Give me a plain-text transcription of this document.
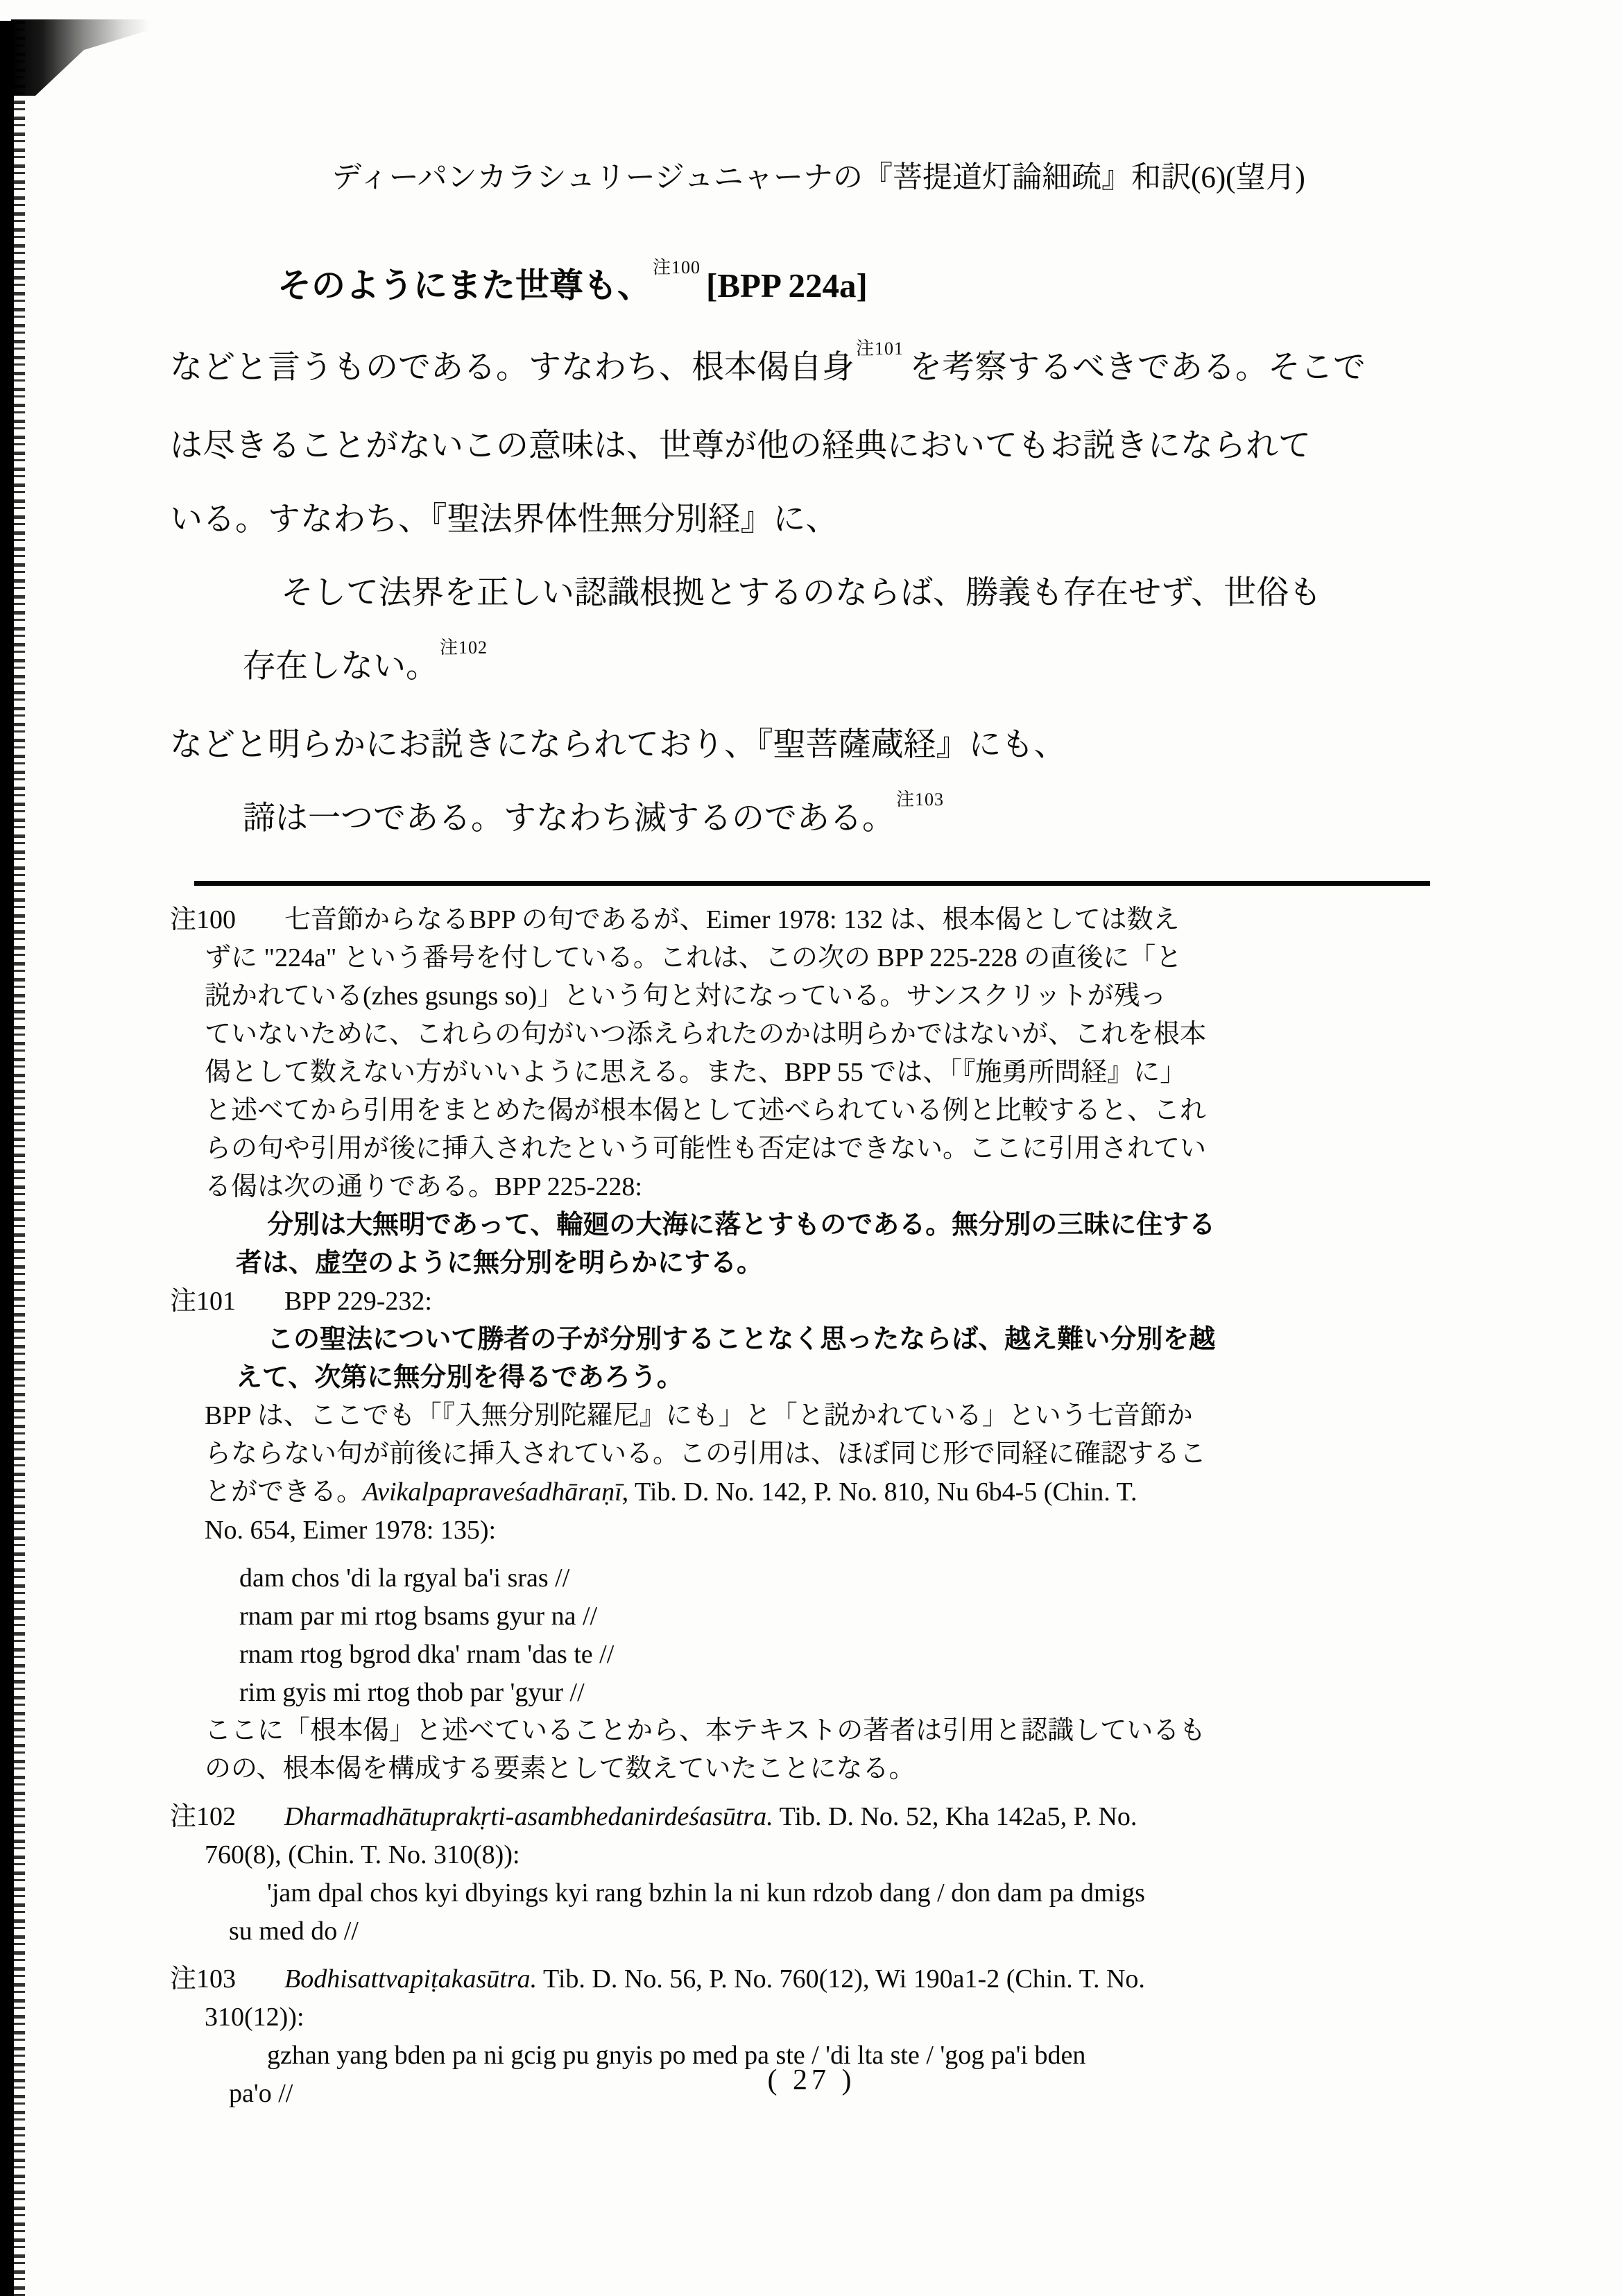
ディーパンカラシュリージュニャーナの『菩提道灯論細疏』和訳(6)(望月)
そのようにまた世尊も、$^{注100}$ [BPP 224a]
などと言うものである。すなわち、根本偈自身$^{注101}$を考察するべきである。そこで
は尽きることがないこの意味は、世尊が他の経典においてもお説きになられて
いる。すなわち、『聖法界体性無分別経』に、
そして法界を正しい認識根拠とするのならば、勝義も存在せず、世俗も
存在しない。$^{注102}$
などと明らかにお説きになられており、『聖菩薩蔵経』にも、
諦は一つである。すなわち滅するのである。$^{注103}$
注100 七音節からなるBPP の句であるが、Eimer 1978: 132 は、根本偈としては数え
ずに "224a" という番号を付している。これは、この次の BPP 225-228 の直後に「と
説かれている(zhes gsungs so)」という句と対になっている。サンスクリットが残っ
ていないために、これらの句がいつ添えられたのかは明らかではないが、これを根本
偈として数えない方がいいように思える。また、BPP 55 では、「『施勇所問経』に」
と述べてから引用をまとめた偈が根本偈として述べられている例と比較すると、これ
らの句や引用が後に挿入されたという可能性も否定はできない。ここに引用されてい
る偈は次の通りである。BPP 225-228:
分別は大無明であって、輪廻の大海に落とすものである。無分別の三昧に住する
者は、虚空のように無分別を明らかにする。
注101 BPP 229-232:
この聖法について勝者の子が分別することなく思ったならば、越え難い分別を越
えて、次第に無分別を得るであろう。
BPP は、ここでも「『入無分別陀羅尼』にも」と「と説かれている」という七音節か
らならない句が前後に挿入されている。この引用は、ほぼ同じ形で同経に確認するこ
とができる。Avikalpapraveśadhāraṇī, Tib. D. No. 142, P. No. 810, Nu 6b4-5 (Chin. T.
No. 654, Eimer 1978: 135):
dam chos 'di la rgyal ba'i sras //
rnam par mi rtog bsams gyur na //
rnam rtog bgrod dka' rnam 'das te //
rim gyis mi rtog thob par 'gyur //
ここに「根本偈」と述べていることから、本テキストの著者は引用と認識しているも
のの、根本偈を構成する要素として数えていたことになる。
注102 Dharmadhātuprakṛti-asambhedanirdeśasūtra. Tib. D. No. 52, Kha 142a5, P. No.
760(8), (Chin. T. No. 310(8)):
'jam dpal chos kyi dbyings kyi rang bzhin la ni kun rdzob dang / don dam pa dmigs
su med do //
注103 Bodhisattvapiṭakasūtra. Tib. D. No. 56, P. No. 760(12), Wi 190a1-2 (Chin. T. No.
310(12)):
gzhan yang bden pa ni gcig pu gnyis po med pa ste / 'di lta ste / 'gog pa'i bden
pa'o //	( 27 )
